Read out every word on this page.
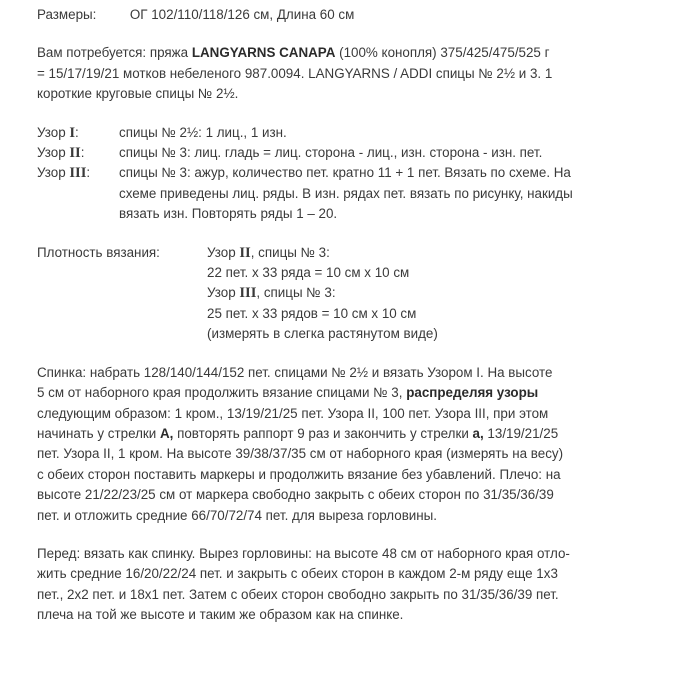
Размеры: ОГ 102/110/118/126 см, Длина 60 см

Вам потребуется: пряжа LANGYARNS CANAPA (100% конопля) 375/425/475/525 г
= 15/17/19/21 мотков небеленого 987.0094. LANGYARNS / ADDI спицы № 2½ и 3. 1
короткие круговые спицы № 2½.
Узор I:	спицы № 2½: 1 лиц., 1 изн.
Узор II:	спицы № 3: лиц. гладь = лиц. сторона - лиц., изн. сторона - изн. пет.
Узор III:	спицы № 3: ажур, количество пет. кратно 11 + 1 пет. Вязать по схеме. На
схеме приведены лиц. ряды. В изн. рядах пет. вязать по рисунку, накиды
вязать изн. Повторять ряды 1 – 20.
Плотность вязания:	Узор II, спицы № 3:
22 пет. x 33 ряда = 10 см x 10 см
Узор III, спицы № 3:
25 пет. x 33 рядов = 10 см x 10 см
(измерять в слегка растянутом виде)
Спинка: набрать 128/140/144/152 пет. спицами № 2½ и вязать Узором I. На высоте
5 см от наборного края продолжить вязание спицами № 3, распределяя узоры
следующим образом: 1 кром., 13/19/21/25 пет. Узора II, 100 пет. Узора III, при этом
начинать у стрелки A, повторять раппорт 9 раз и закончить у стрелки а, 13/19/21/25
пет. Узора II, 1 кром. На высоте 39/38/37/35 см от наборного края (измерять на весу)
с обеих сторон поставить маркеры и продолжить вязание без убавлений. Плечо: на
высоте 21/22/23/25 см от маркера свободно закрыть с обеих сторон по 31/35/36/39
пет. и отложить средние 66/70/72/74 пет. для выреза горловины.
Перед: вязать как спинку. Вырез горловины: на высоте 48 см от наборного края отло-
жить средние 16/20/22/24 пет. и закрыть с обеих сторон в каждом 2-м ряду еще 1x3
пет., 2x2 пет. и 18x1 пет. Затем с обеих сторон свободно закрыть по 31/35/36/39 пет.
плеча на той же высоте и таким же образом как на спинке.
